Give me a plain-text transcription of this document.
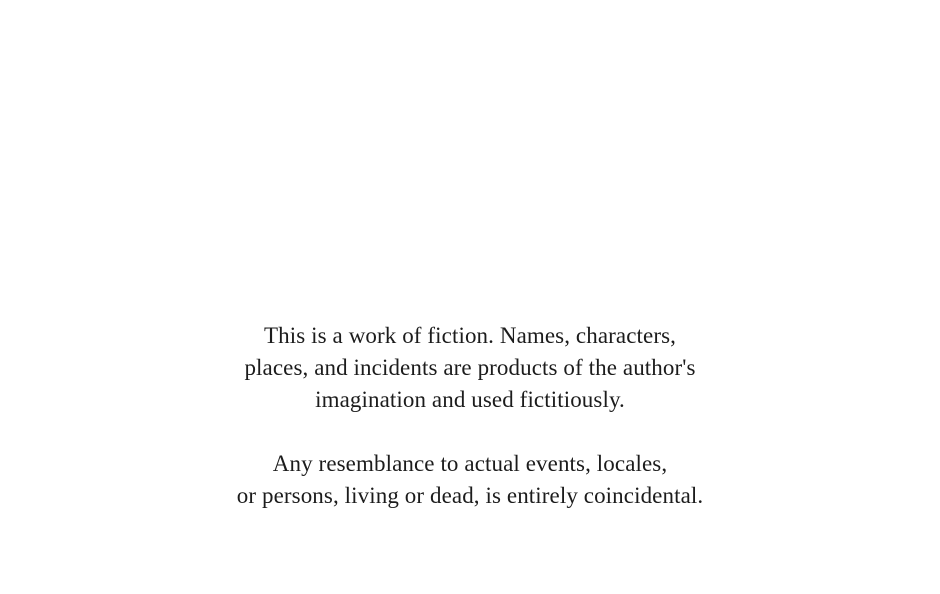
This is a work of fiction. Names, characters,
places, and incidents are products of the author's
imagination and used fictitiously.

Any resemblance to actual events, locales,
or persons, living or dead, is entirely coincidental.
